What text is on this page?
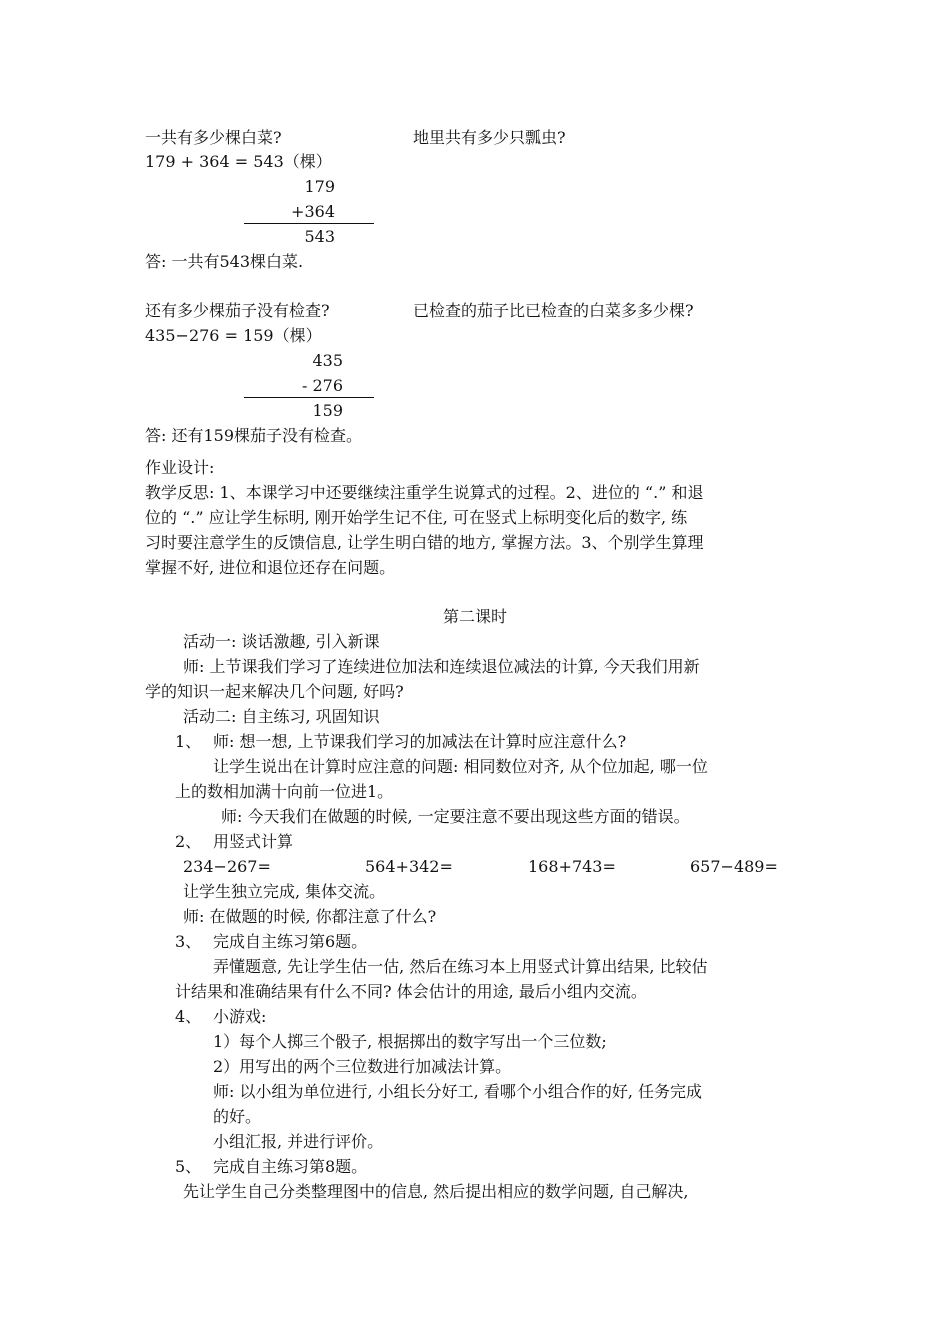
一共有多少棵白菜?	地里共有多少只瓢虫?
179 + 364 = 543（棵）
179
+364
543
答: 一共有543棵白菜.
还有多少棵茄子没有检查?	已检查的茄子比已检查的白菜多多少棵?
435−276 = 159（棵）
435
- 276
159
答: 还有159棵茄子没有检查。
作业设计:
教学反思: 1、本课学习中还要继续注重学生说算式的过程。2、进位的 “.” 和退
位的 “.” 应让学生标明, 刚开始学生记不住, 可在竖式上标明变化后的数字, 练
习时要注意学生的反馈信息, 让学生明白错的地方, 掌握方法。3、个别学生算理
掌握不好, 进位和退位还存在问题。
第二课时
活动一: 谈话激趣, 引入新课
师: 上节课我们学习了连续进位加法和连续退位减法的计算, 今天我们用新
学的知识一起来解决几个问题, 好吗?
活动二: 自主练习, 巩固知识
1、 师: 想一想, 上节课我们学习的加减法在计算时应注意什么?
让学生说出在计算时应注意的问题: 相同数位对齐, 从个位加起, 哪一位
上的数相加满十向前一位进1。
师: 今天我们在做题的时候, 一定要注意不要出现这些方面的错误。
2、 用竖式计算
234−267=	564+342=	168+743=	657−489=
让学生独立完成, 集体交流。
师: 在做题的时候, 你都注意了什么?
3、 完成自主练习第6题。
弄懂题意, 先让学生估一估, 然后在练习本上用竖式计算出结果, 比较估
计结果和准确结果有什么不同? 体会估计的用途, 最后小组内交流。
4、 小游戏:
1）每个人掷三个骰子, 根据掷出的数字写出一个三位数;
2）用写出的两个三位数进行加减法计算。
师: 以小组为单位进行, 小组长分好工, 看哪个小组合作的好, 任务完成
的好。
小组汇报, 并进行评价。
5、 完成自主练习第8题。
先让学生自己分类整理图中的信息, 然后提出相应的数学问题, 自己解决,
